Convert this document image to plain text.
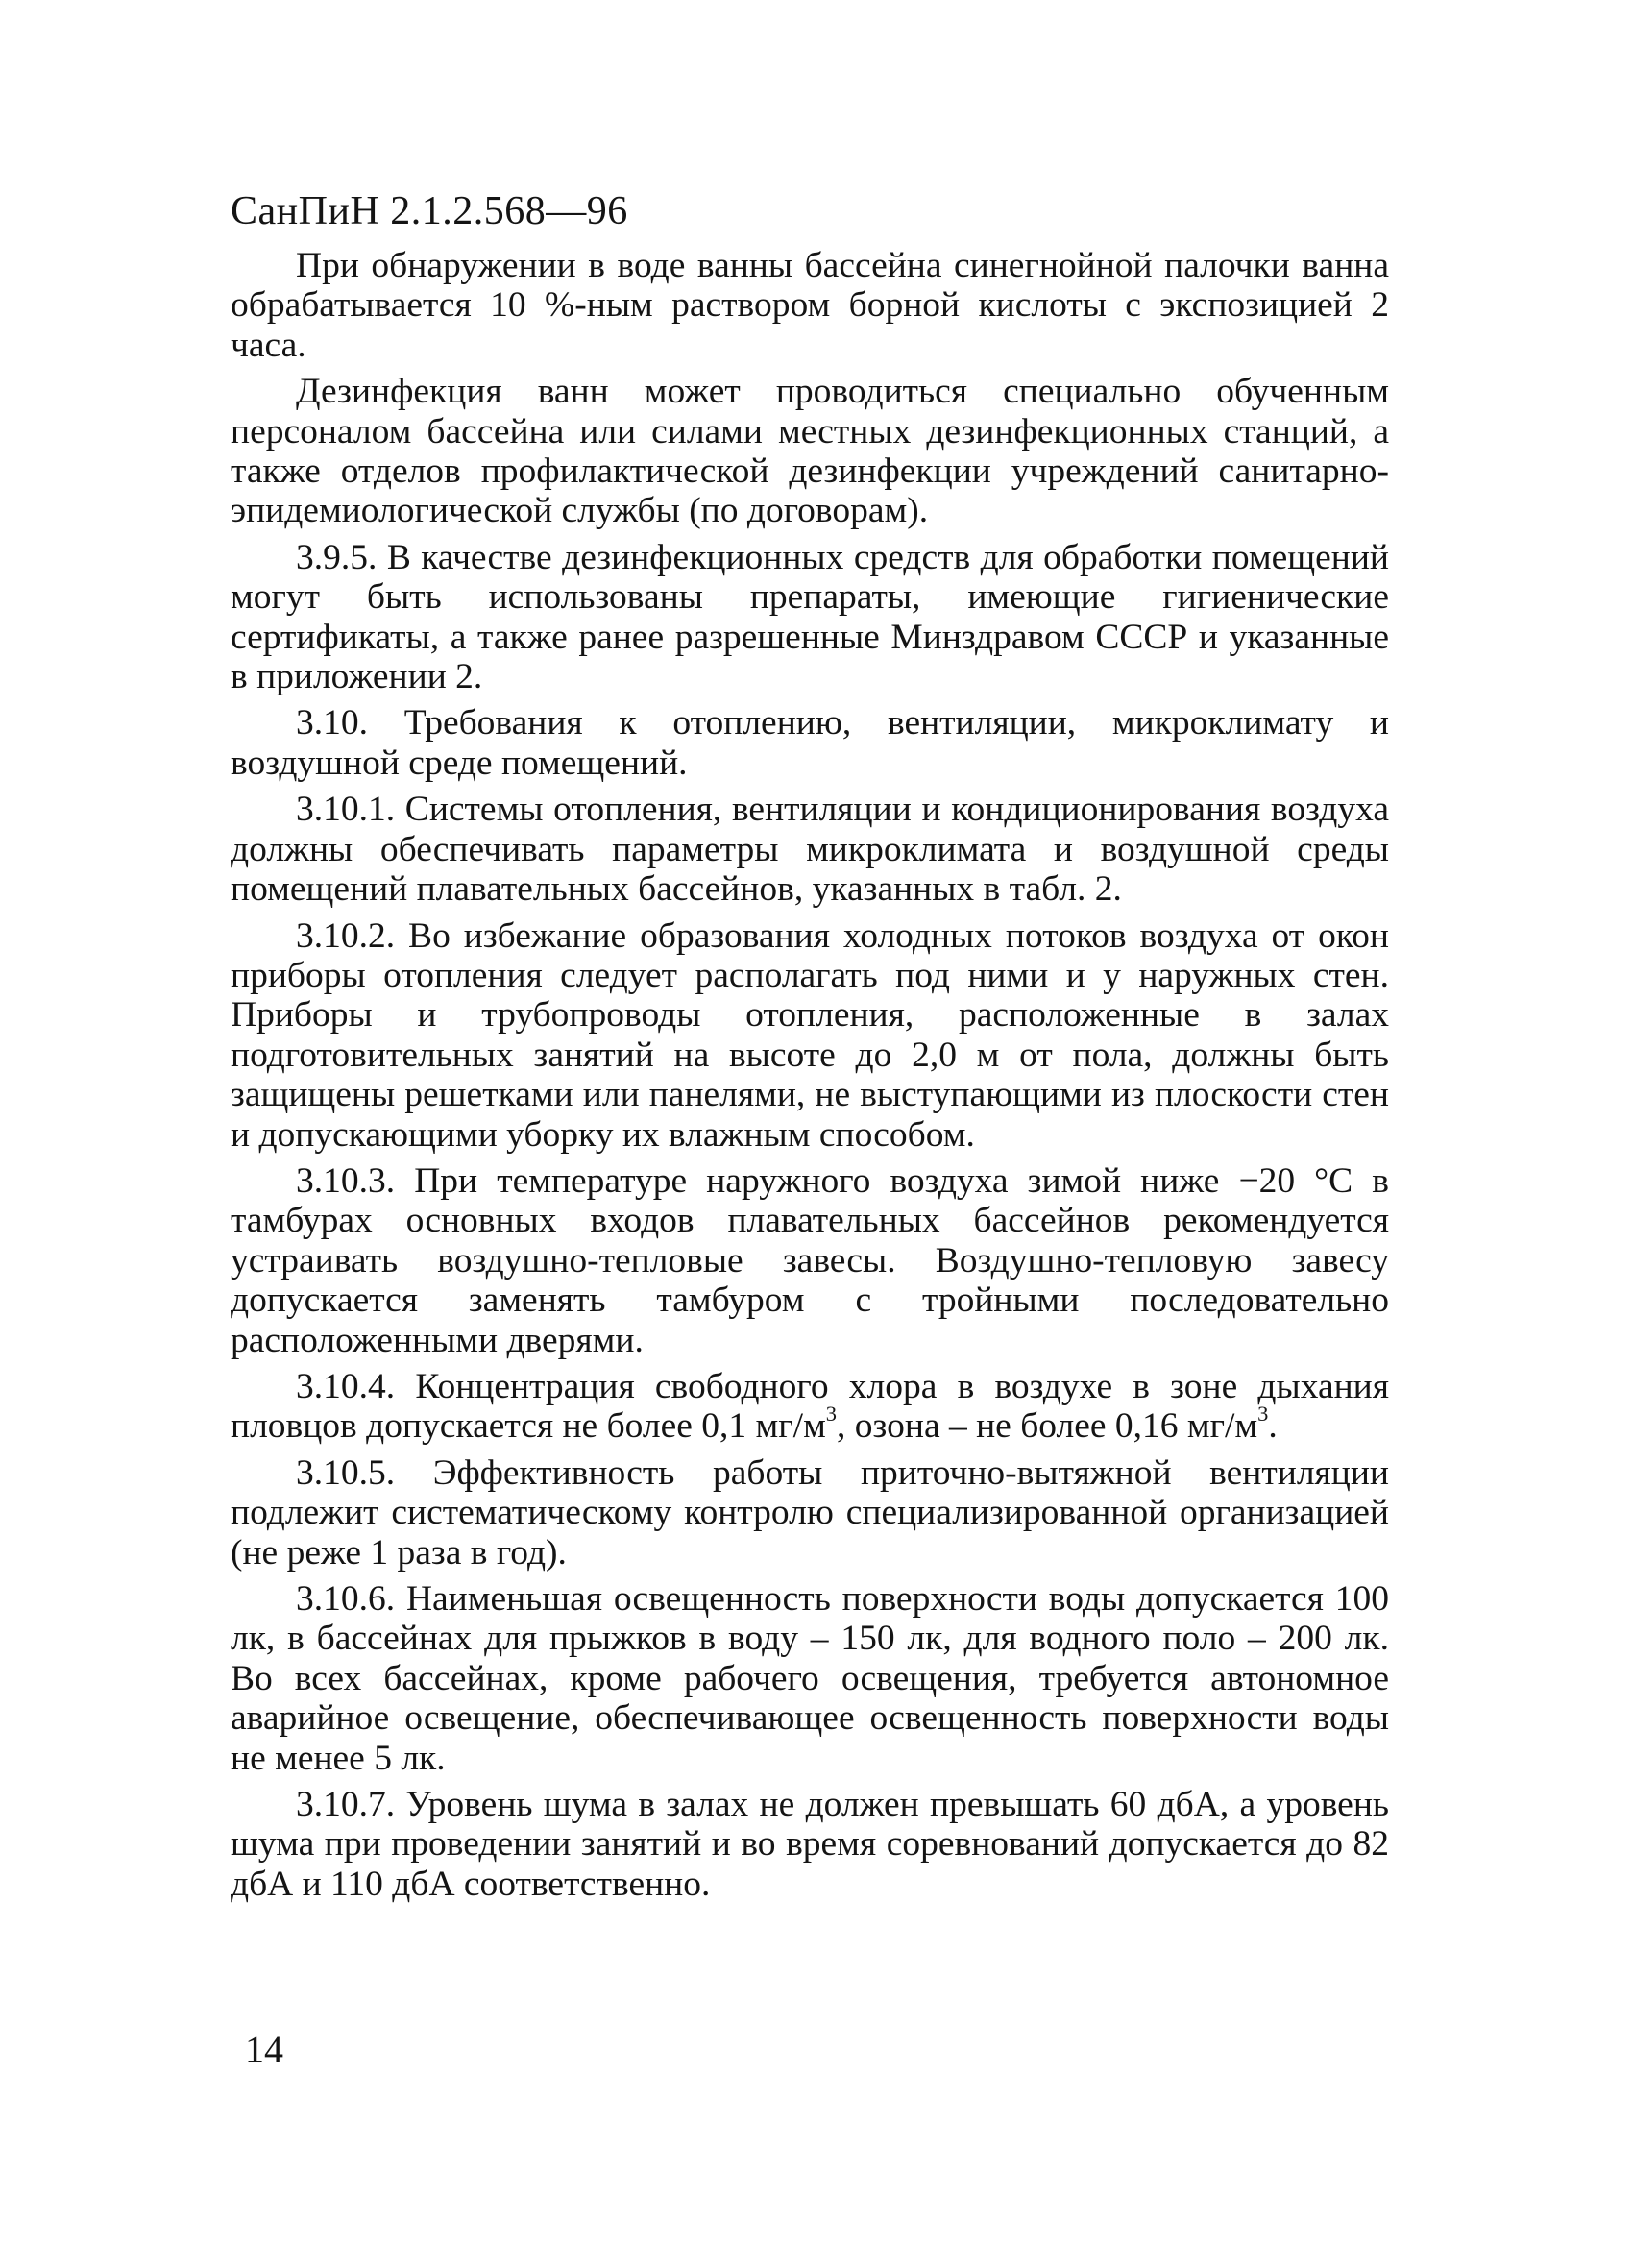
СанПиН 2.1.2.568—96

При обнаружении в воде ванны бассейна синегнойной палочки ванна обрабатывается 10 %-ным раствором борной кислоты с экспозицией 2 часа.

Дезинфекция ванн может проводиться специально обученным персоналом бассейна или силами местных дезинфекционных станций, а также отделов профилактической дезинфекции учреждений санитарно-эпидемиологической службы (по договорам).

3.9.5. В качестве дезинфекционных средств для обработки помещений могут быть использованы препараты, имеющие гигиенические сертификаты, а также ранее разрешенные Минздравом СССР и указанные в приложении 2.

3.10. Требования к отоплению, вентиляции, микроклимату и воздушной среде помещений.

3.10.1. Системы отопления, вентиляции и кондиционирования воздуха должны обеспечивать параметры микроклимата и воздушной среды помещений плавательных бассейнов, указанных в табл. 2.

3.10.2. Во избежание образования холодных потоков воздуха от окон приборы отопления следует располагать под ними и у наружных стен. Приборы и трубопроводы отопления, расположенные в залах подготовительных занятий на высоте до 2,0 м от пола, должны быть защищены решетками или панелями, не выступающими из плоскости стен и допускающими уборку их влажным способом.

3.10.3. При температуре наружного воздуха зимой ниже −20 °С в тамбурах основных входов плавательных бассейнов рекомендуется устраивать воздушно-тепловые завесы. Воздушно-тепловую завесу допускается заменять тамбуром с тройными последовательно расположенными дверями.

3.10.4. Концентрация свободного хлора в воздухе в зоне дыхания пловцов допускается не более 0,1 $мг/м^3$, озона – не более 0,16 $мг/м^3$.

3.10.5. Эффективность работы приточно-вытяжной вентиляции подлежит систематическому контролю специализированной организацией (не реже 1 раза в год).

3.10.6. Наименьшая освещенность поверхности воды допускается 100 лк, в бассейнах для прыжков в воду – 150 лк, для водного поло – 200 лк. Во всех бассейнах, кроме рабочего освещения, требуется автономное аварийное освещение, обеспечивающее освещенность поверхности воды не менее 5 лк.

3.10.7. Уровень шума в залах не должен превышать 60 дбА, а уровень шума при проведении занятий и во время соревнований допускается до 82 дбА и 110 дбА соответственно.

14
